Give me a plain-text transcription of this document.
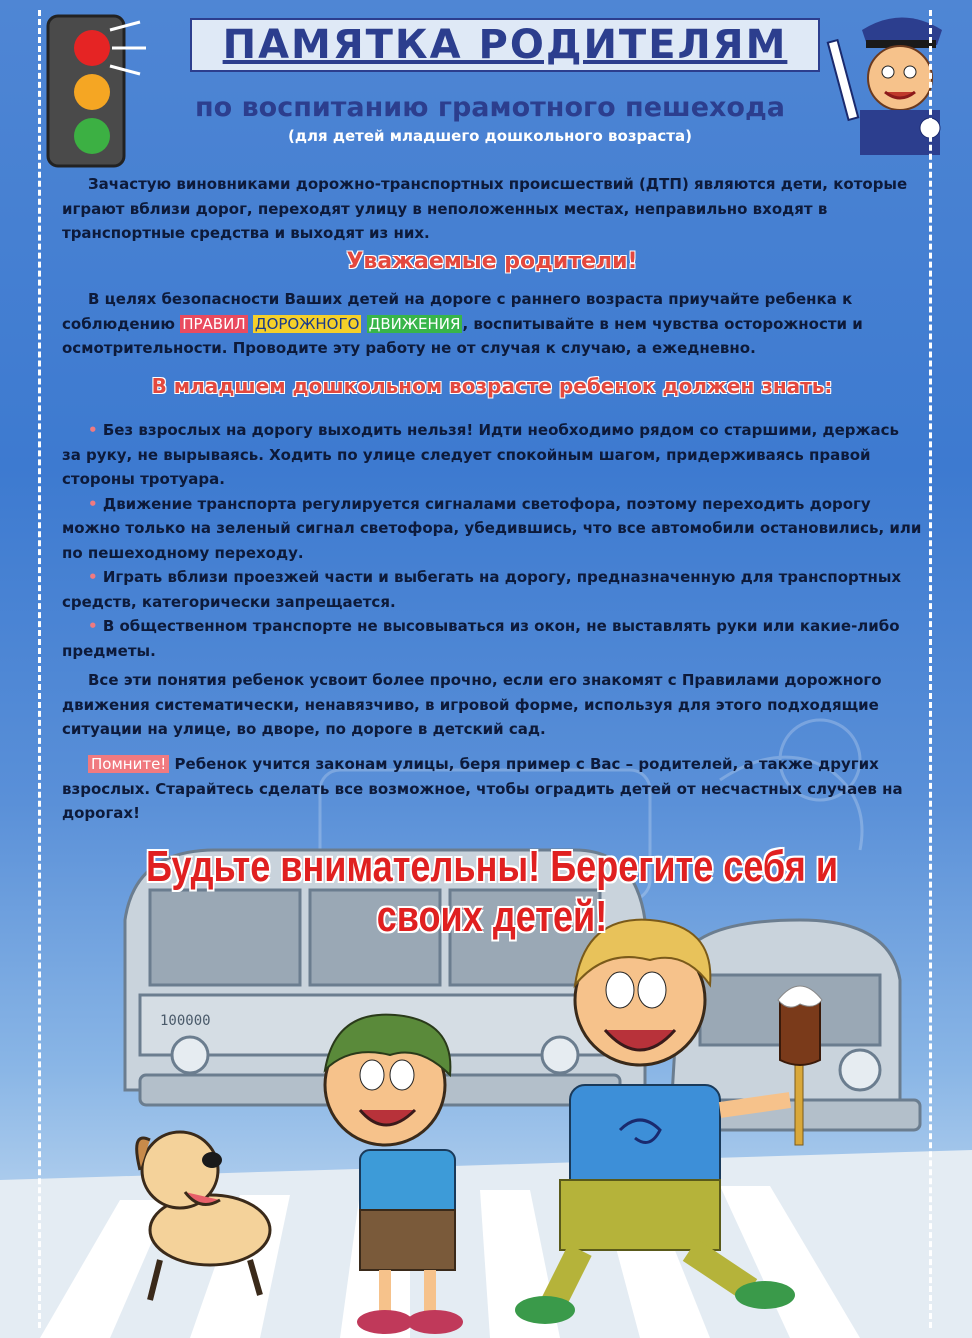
ПАМЯТКА РОДИТЕЛЯМ
по воспитанию грамотного пешехода
(для детей младшего дошкольного возраста)

Зачастую виновниками дорожно-транспортных происшествий (ДТП) являются дети, которые играют вблизи дорог, переходят улицу в неположенных местах, неправильно входят в транспортные средства и выходят из них.

Уважаемые родители!

В целях безопасности Ваших детей на дороге с раннего возраста приучайте ребенка к соблюдению ПРАВИЛ ДОРОЖНОГО ДВИЖЕНИЯ , воспитывайте в нем чувства осторожности и осмотрительности. Проводите эту работу не от случая к случаю, а ежедневно.

В младшем дошкольном возрасте ребенок должен знать:

• Без взрослых на дорогу выходить нельзя! Идти необходимо рядом со старшими, держась за руку, не вырываясь. Ходить по улице следует спокойным шагом, придерживаясь правой стороны тротуара.

• Движение транспорта регулируется сигналами светофора, поэтому переходить дорогу можно только на зеленый сигнал светофора, убедившись, что все автомобили остановились, или по пешеходному переходу.

• Играть вблизи проезжей части и выбегать на дорогу, предназначенную для транспортных средств, категорически запрещается.

• В общественном транспорте не высовываться из окон, не выставлять руки или какие-либо предметы.

Все эти понятия ребенок усвоит более прочно, если его знакомят с Правилами дорожного движения систематически, ненавязчиво, в игровой форме, используя для этого подходящие ситуации на улице, во дворе, по дороге в детский сад.

Помните! Ребенок учится законам улицы, беря пример с Вас – родителей, а также других взрослых. Старайтесь сделать все возможное, чтобы оградить детей от несчастных случаев на дорогах!

Будьте внимательны! Берегите себя и своих детей!
100000
